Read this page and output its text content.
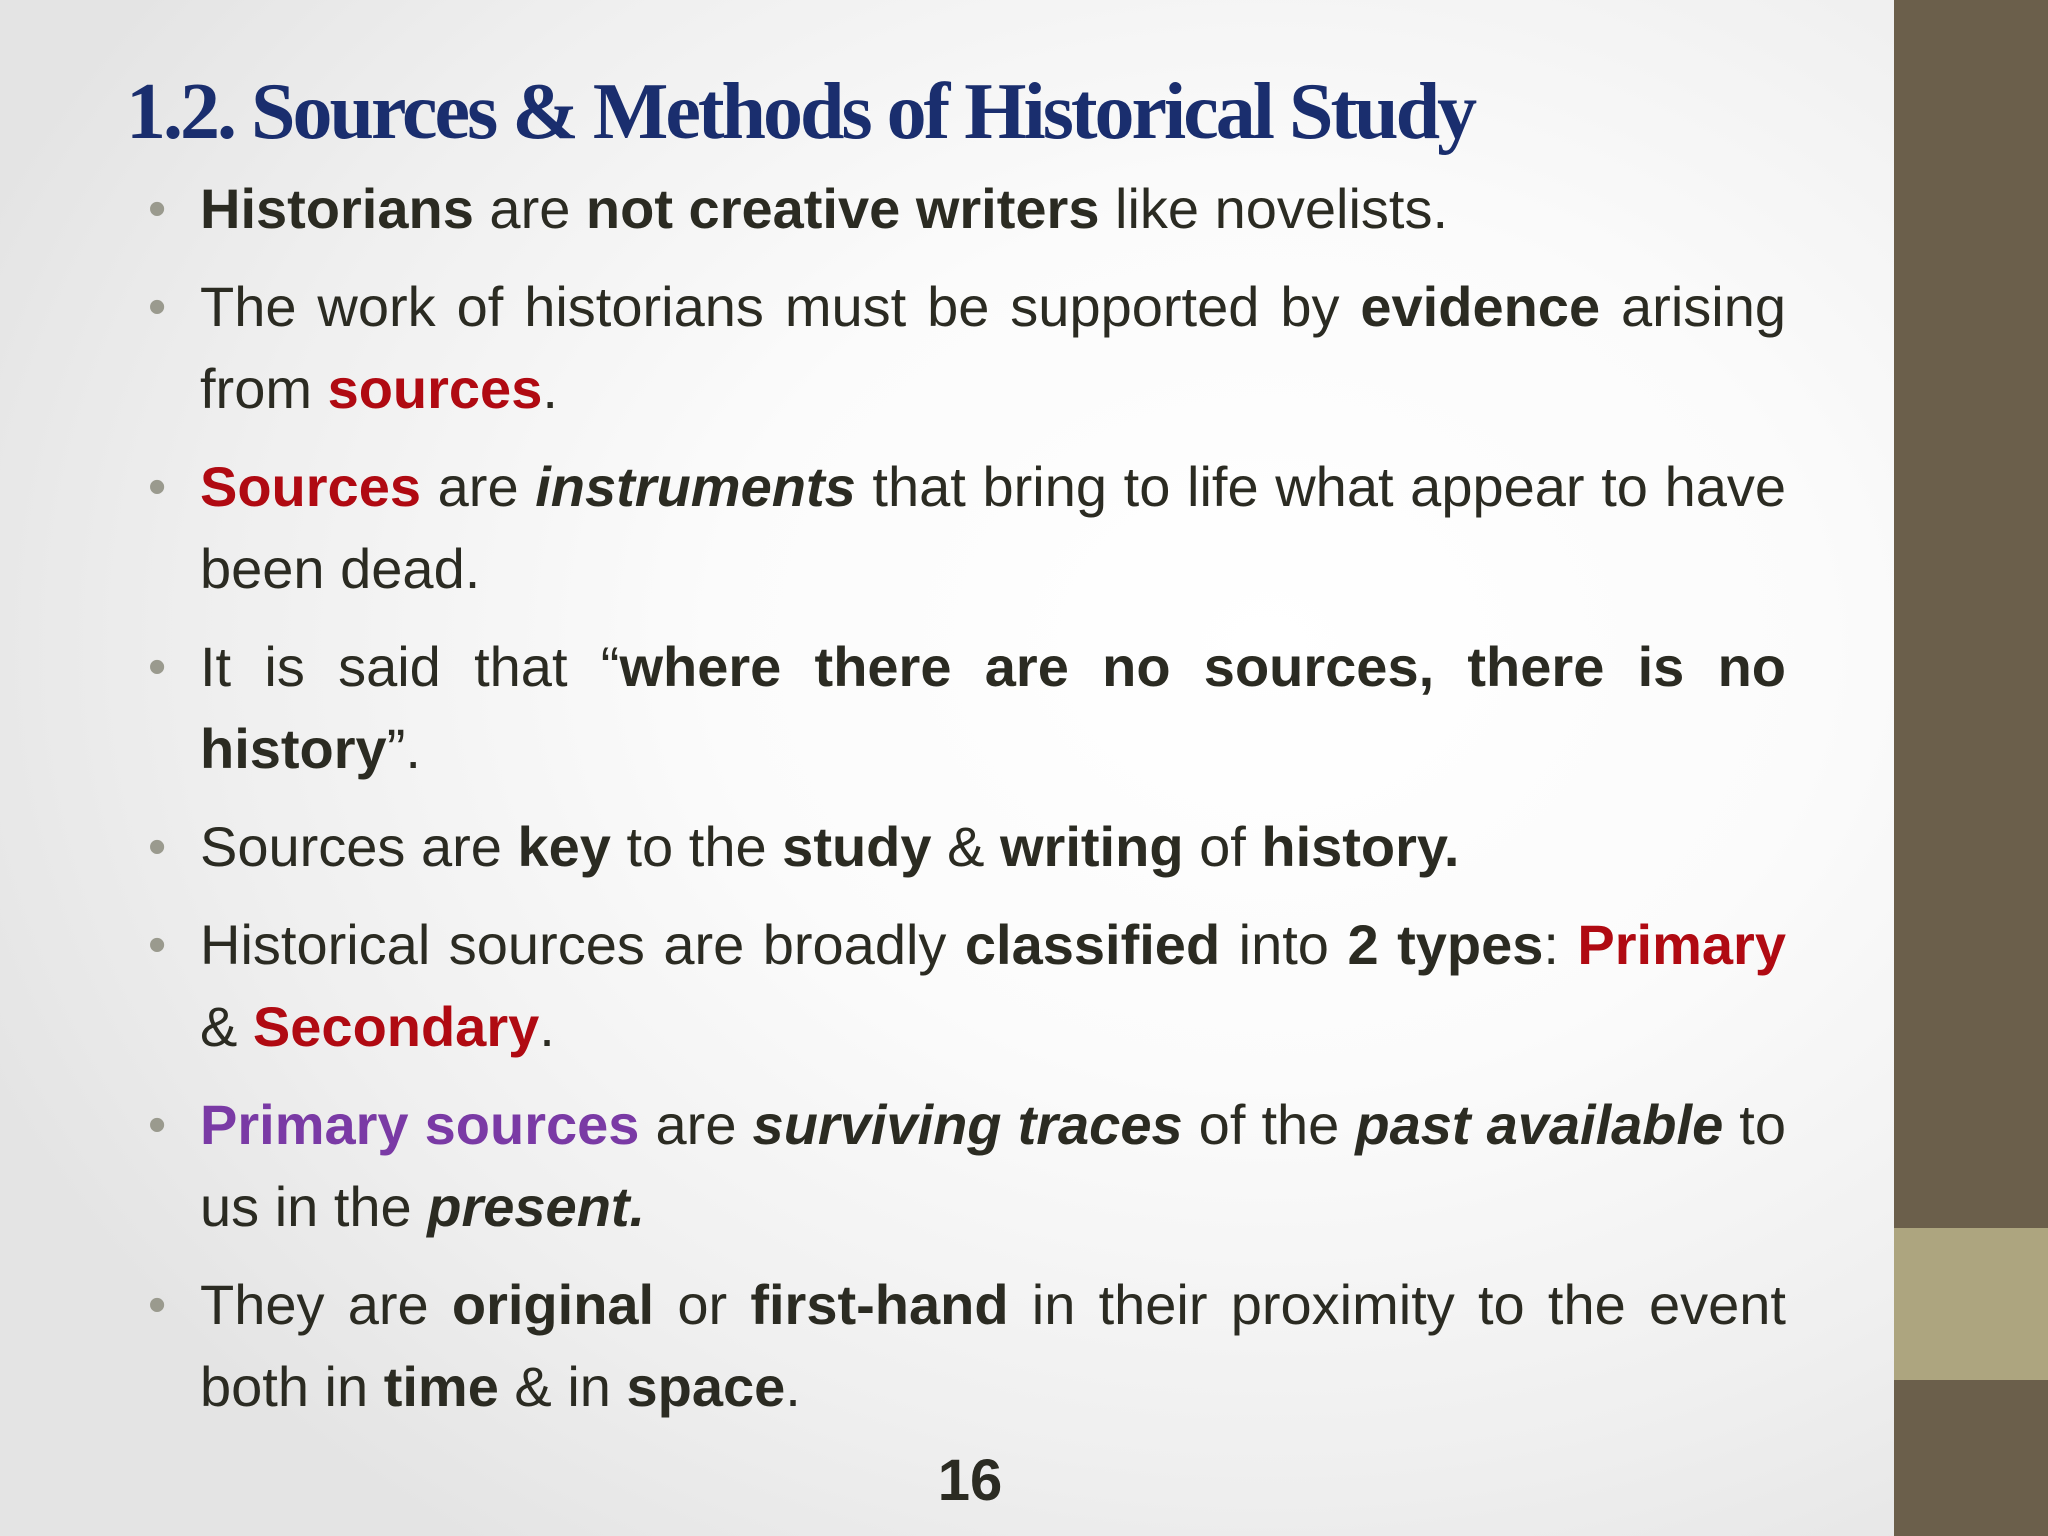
1.2. Sources & Methods of Historical Study
• Historians are not creative writers like novelists.
• The work of historians must be supported by evidence arising from sources.
• Sources are instruments that bring to life what appear to have been dead.
• It is said that “where there are no sources, there is no history”.
• Sources are key to the study & writing of history.
• Historical sources are broadly classified into 2 types: Primary & Secondary.
• Primary sources are surviving traces of the past available to us in the present.
• They are original or first-hand in their proximity to the event both in time & in space.
16
